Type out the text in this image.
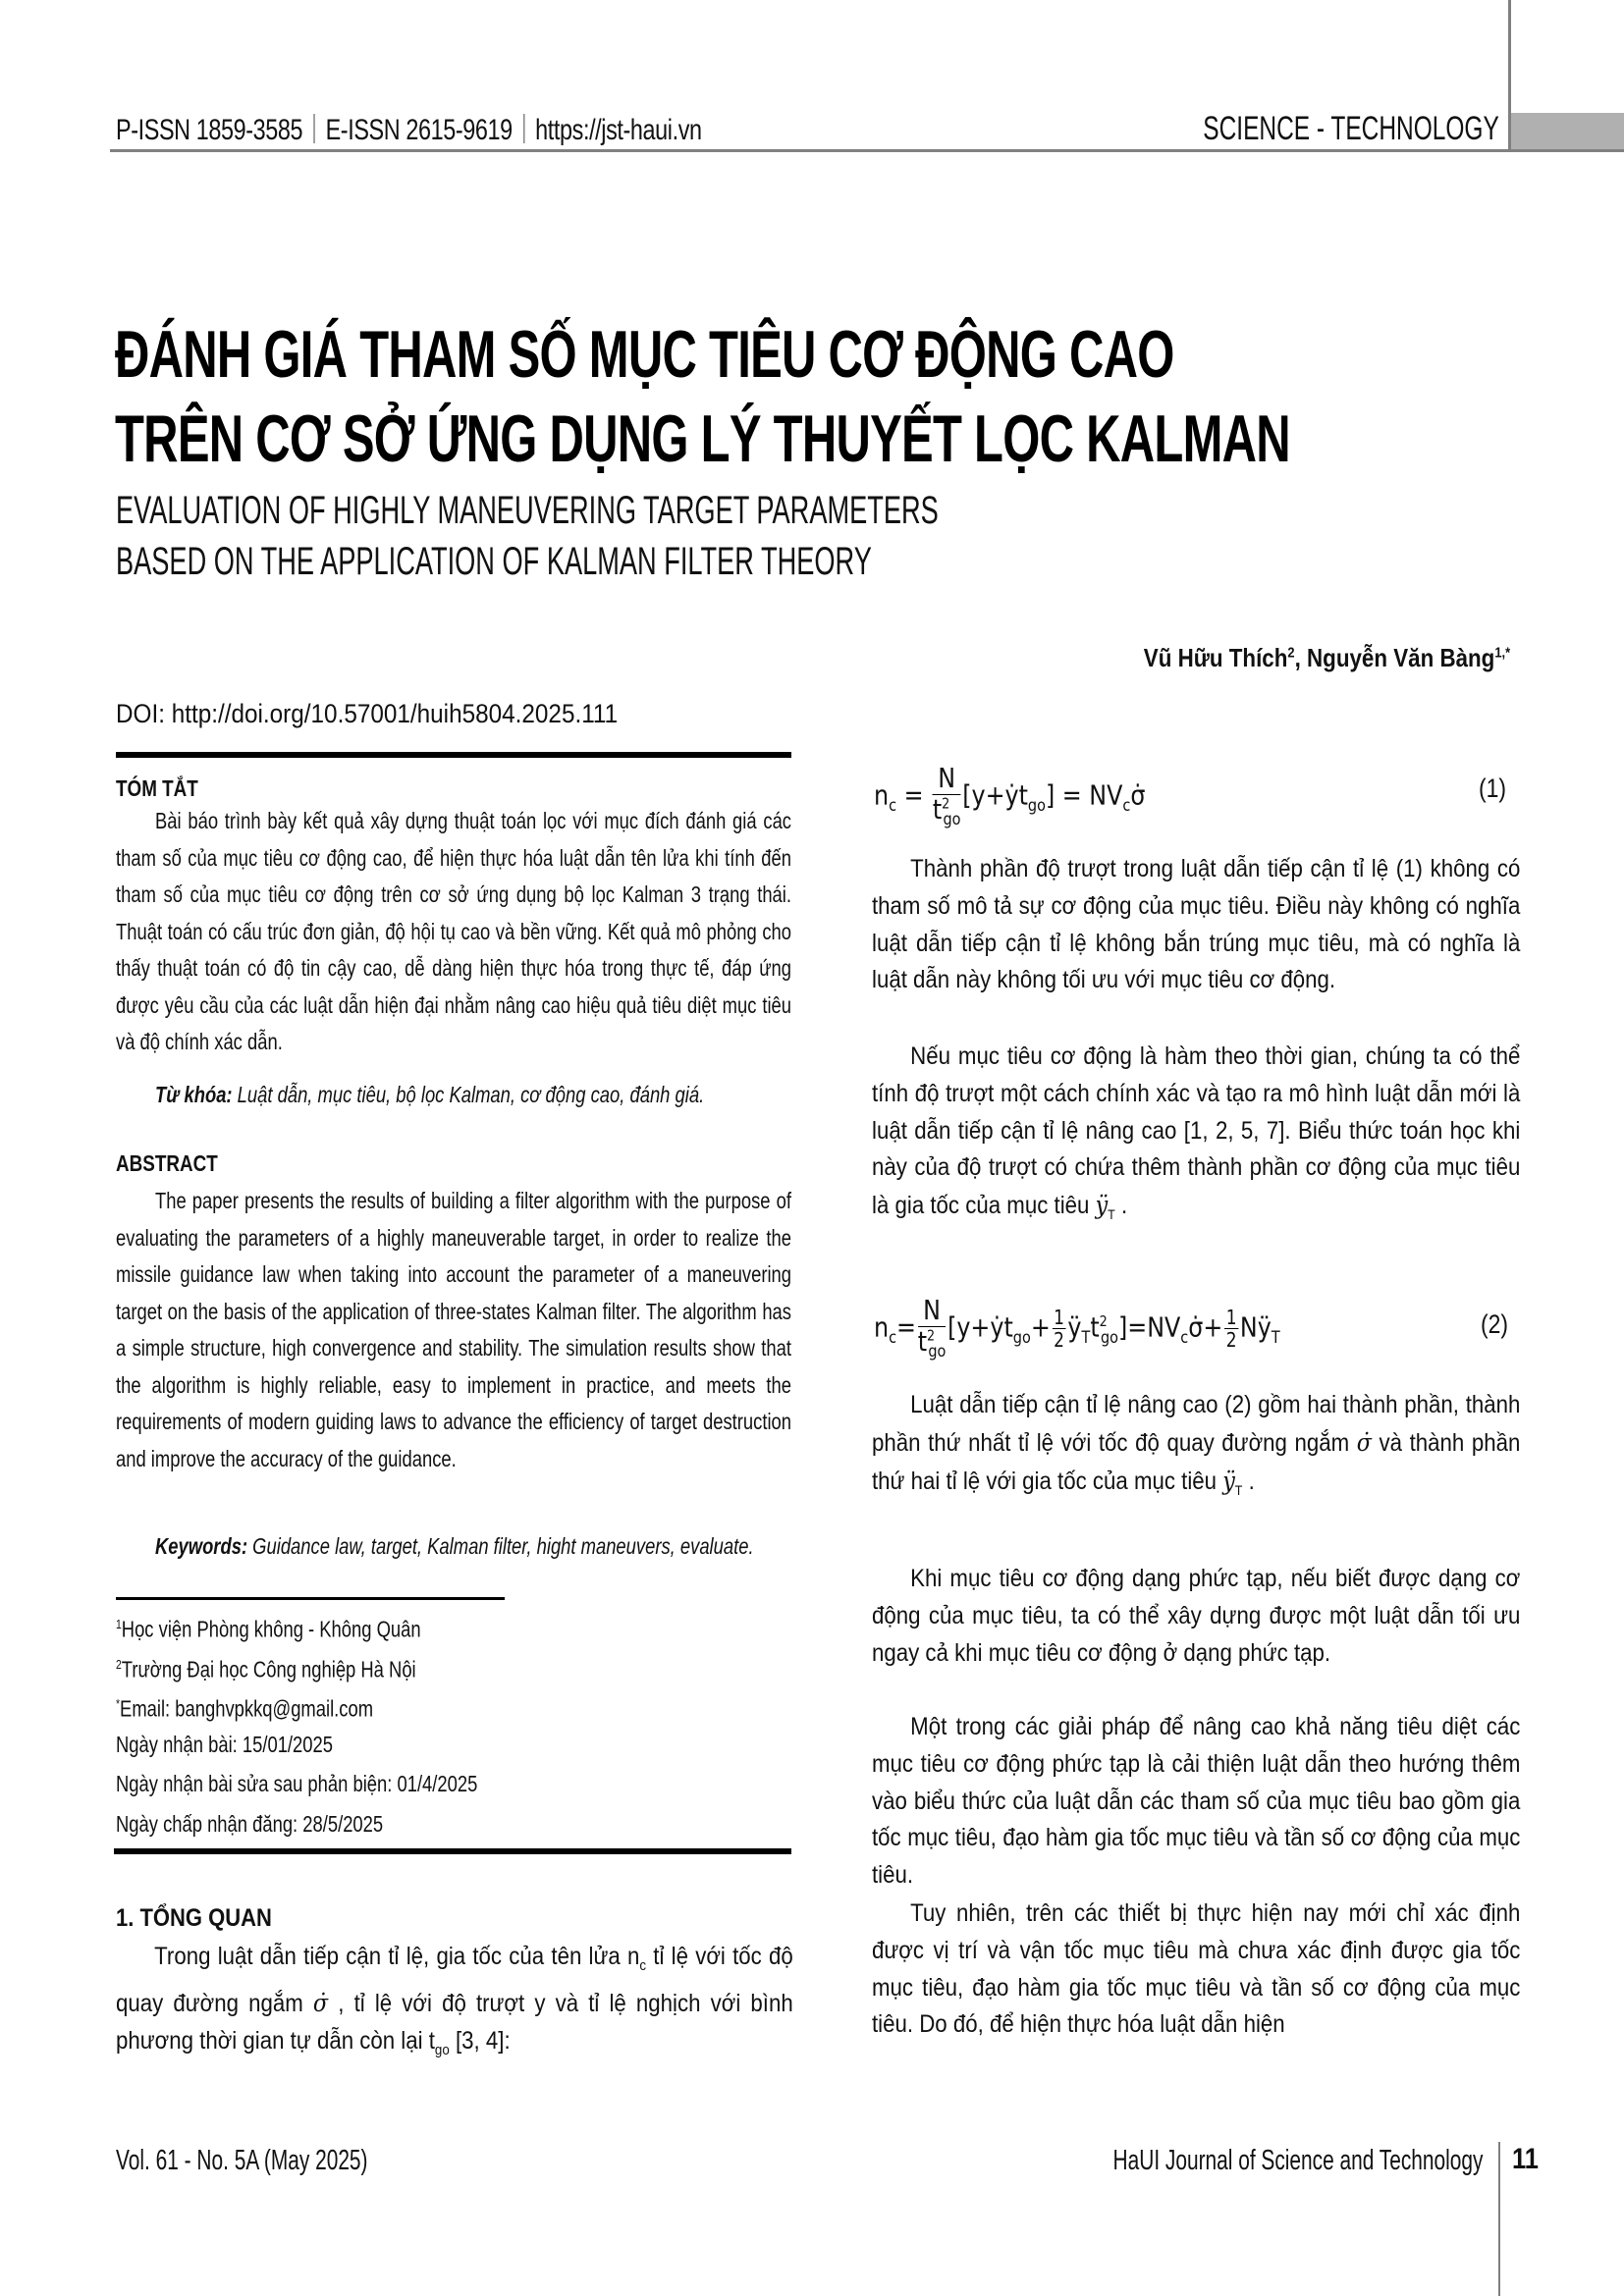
P-ISSN 1859-3585 E-ISSN 2615-9619 https://jst-haui.vn	SCIENCE - TECHNOLOGY
ĐÁNH GIÁ THAM SỐ MỤC TIÊU CƠ ĐỘNG CAO
TRÊN CƠ SỞ ỨNG DỤNG LÝ THUYẾT LỌC KALMAN
EVALUATION OF HIGHLY MANEUVERING TARGET PARAMETERS
BASED ON THE APPLICATION OF KALMAN FILTER THEORY
Vũ Hữu Thích$^2$, Nguyễn Văn Bàng$^{1,*}$
DOI: http://doi.org/10.57001/huih5804.2025.111
TÓM TẮT

Bài báo trình bày kết quả xây dựng thuật toán lọc với mục đích đánh giá các tham số của mục tiêu cơ động cao, để hiện thực hóa luật dẫn tên lửa khi tính đến tham số của mục tiêu cơ động trên cơ sở ứng dụng bộ lọc Kalman 3 trạng thái. Thuật toán có cấu trúc đơn giản, độ hội tụ cao và bền vững. Kết quả mô phỏng cho thấy thuật toán có độ tin cậy cao, dễ dàng hiện thực hóa trong thực tế, đáp ứng được yêu cầu của các luật dẫn hiện đại nhằm nâng cao hiệu quả tiêu diệt mục tiêu và độ chính xác dẫn.

Từ khóa: Luật dẫn, mục tiêu, bộ lọc Kalman, cơ động cao, đánh giá.

ABSTRACT

The paper presents the results of building a filter algorithm with the purpose of evaluating the parameters of a highly maneuverable target, in order to realize the missile guidance law when taking into account the parameter of a maneuvering target on the basis of the application of three-states Kalman filter. The algorithm has a simple structure, high convergence and stability. The simulation results show that the algorithm is highly reliable, easy to implement in practice, and meets the requirements of modern guiding laws to advance the efficiency of target destruction and improve the accuracy of the guidance.

Keywords: Guidance law, target, Kalman filter, hight maneuvers, evaluate.

$^1$Học viện Phòng không - Không Quân
$^2$Trường Đại học Công nghiệp Hà Nội
*Email: banghvpkkq@gmail.com
Ngày nhận bài: 15/01/2025
Ngày nhận bài sửa sau phản biện: 01/4/2025
Ngày chấp nhận đăng: 28/5/2025
1. TỔNG QUAN

Trong luật dẫn tiếp cận tỉ lệ, gia tốc của tên lửa $n_c$ tỉ lệ với tốc độ quay đường ngắm σ̇ , tỉ lệ với độ trượt y và tỉ lệ nghịch với bình phương thời gian tự dẫn còn lại $t_{go}$ [3, 4]:

$n_c = \frac{N}{t^2_{go}}$ [y+ẏt$_{go}$] = $NV_c\sigmȧ$	(1)

Thành phần độ trượt trong luật dẫn tiếp cận tỉ lệ (1) không có tham số mô tả sự cơ động của mục tiêu. Điều này không có nghĩa luật dẫn tiếp cận tỉ lệ không bắn trúng mục tiêu, mà có nghĩa là luật dẫn này không tối ưu với mục tiêu cơ động.

Nếu mục tiêu cơ động là hàm theo thời gian, chúng ta có thể tính độ trượt một cách chính xác và tạo ra mô hình luật dẫn mới là luật dẫn tiếp cận tỉ lệ nâng cao [1, 2, 5, 7]. Biểu thức toán học khi này của độ trượt có chứa thêm thành phần cơ động của mục tiêu là gia tốc của mục tiêu $ÿ_T$ .

$n_c= \frac{N}{t^2_{go}}$ [y+ẏt$_{go}$+ $\frac{1}{2}$ $ÿ_Tt^2_{go}]=NV_c\sigmȧ+ \frac{1}{2}$ $Nÿ_T$	(2)

Luật dẫn tiếp cận tỉ lệ nâng cao (2) gồm hai thành phần, thành phần thứ nhất tỉ lệ với tốc độ quay đường ngắm σ̇ và thành phần thứ hai tỉ lệ với gia tốc của mục tiêu $ÿ_T$ .

Khi mục tiêu cơ động dạng phức tạp, nếu biết được dạng cơ động của mục tiêu, ta có thể xây dựng được một luật dẫn tối ưu ngay cả khi mục tiêu cơ động ở dạng phức tạp.

Một trong các giải pháp để nâng cao khả năng tiêu diệt các mục tiêu cơ động phức tạp là cải thiện luật dẫn theo hướng thêm vào biểu thức của luật dẫn các tham số của mục tiêu bao gồm gia tốc mục tiêu, đạo hàm gia tốc mục tiêu và tần số cơ động của mục tiêu.

Tuy nhiên, trên các thiết bị thực hiện nay mới chỉ xác định được vị trí và vận tốc mục tiêu mà chưa xác định được gia tốc mục tiêu, đạo hàm gia tốc mục tiêu và tần số cơ động của mục tiêu. Do đó, để hiện thực hóa luật dẫn hiện

Vol. 61 - No. 5A (May 2025)	HaUI Journal of Science and Technology 11
